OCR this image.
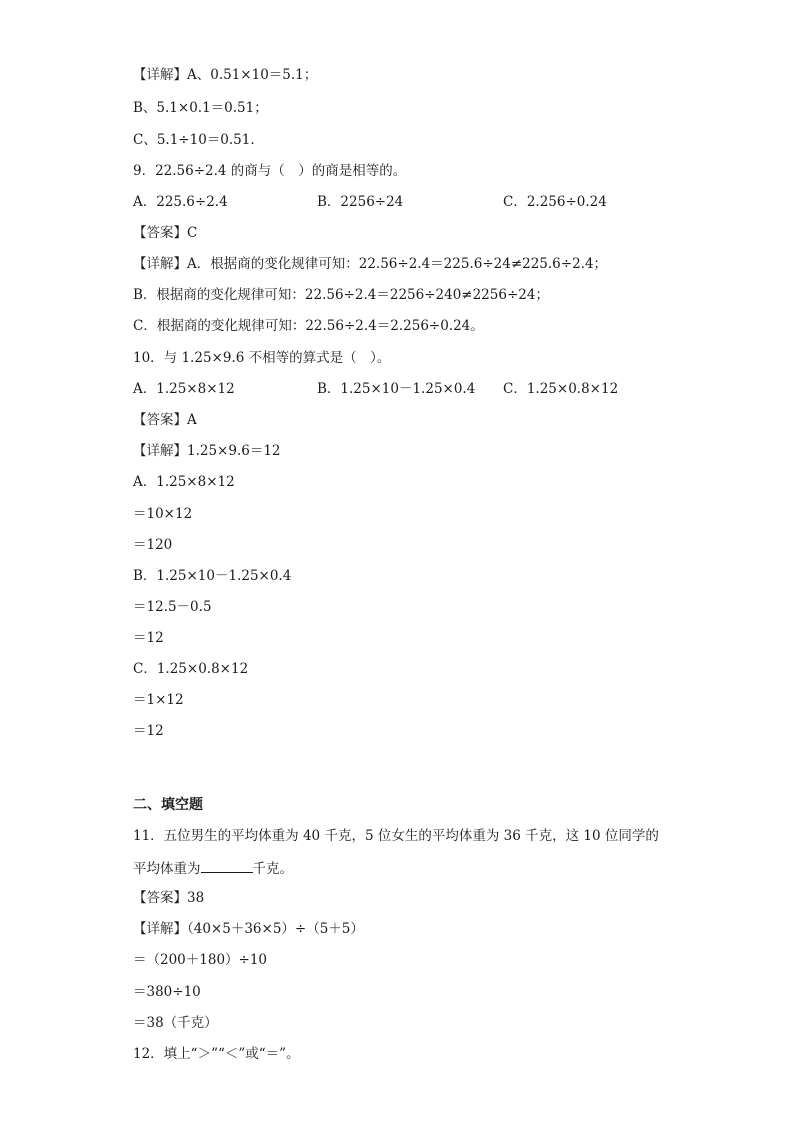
【详解】A、0.51×10＝5.1；
B、5.1×0.1＝0.51；
C、5.1÷10＝0.51.
9．22.56÷2.4 的商与（　）的商是相等的。
A．225.6÷2.4	B．2256÷24	C．2.256÷0.24
【答案】C
【详解】A．根据商的变化规律可知：22.56÷2.4＝225.6÷24≠225.6÷2.4；
B．根据商的变化规律可知：22.56÷2.4＝2256÷240≠2256÷24；
C．根据商的变化规律可知：22.56÷2.4＝2.256÷0.24。
10．与 1.25×9.6 不相等的算式是（　）。
A．1.25×8×12	B．1.25×10－1.25×0.4 C．1.25×0.8×12
【答案】A
【详解】1.25×9.6＝12
A．1.25×8×12
＝10×12
＝120
B．1.25×10－1.25×0.4
＝12.5－0.5
＝12
C．1.25×0.8×12
＝1×12
＝12
二、填空题
11．五位男生的平均体重为 40 千克，5 位女生的平均体重为 36 千克，这 10 位同学的
平均体重为	千克。
【答案】38
【详解】（40×5＋36×5）÷（5＋5）
＝（200＋180）÷10
＝380÷10
＝38（千克）
12．填上“＞”“＜”或“＝”。
